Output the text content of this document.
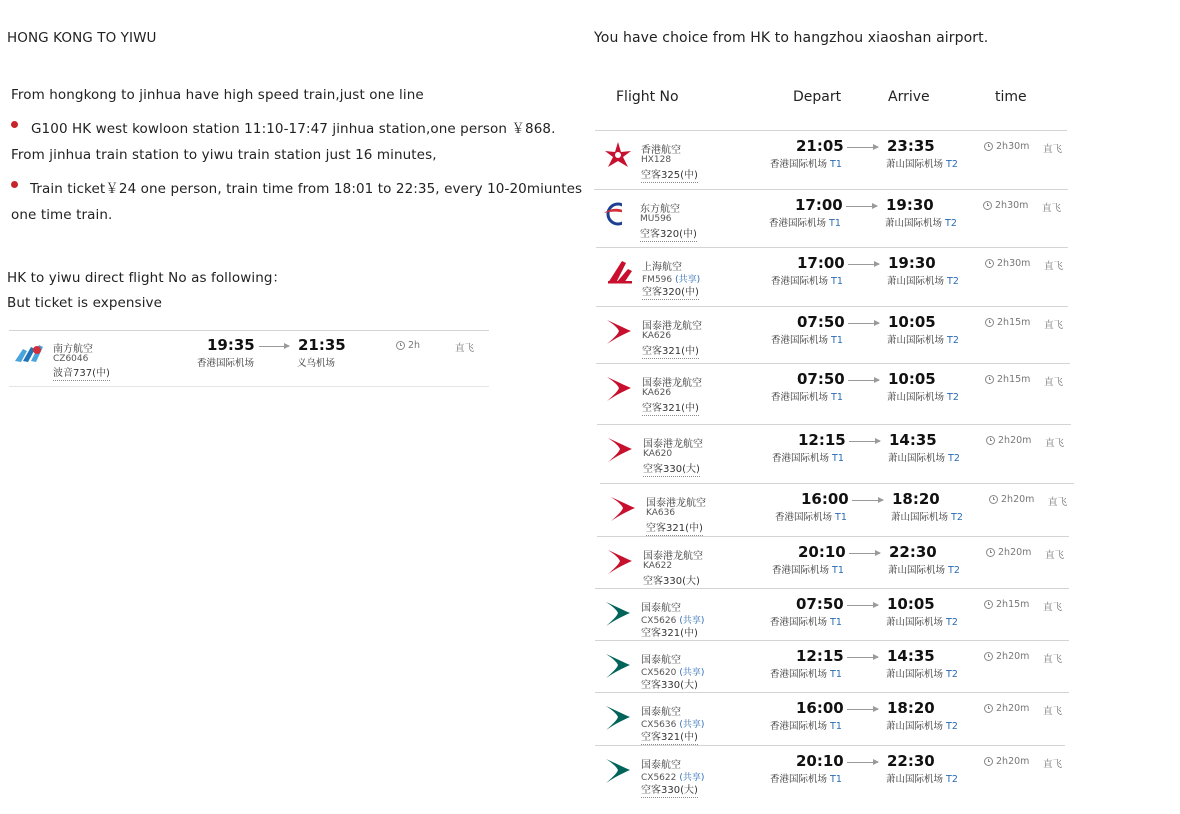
HONG KONG TO YIWU
From hongkong to jinhua have high speed train,just one line
G100 HK west kowloon station 11:10-17:47 jinhua station,one person ￥868.
From jinhua train station to yiwu train station just 16 minutes,
Train ticket￥24 one person, train time from 18:01 to 22:35, every 10-20miuntes
one time train.
HK to yiwu direct flight No as following：
But ticket is expensive
南方航空
CZ6046
波音737(中)
19:35	21:35
香港国际机场	义乌机场
2h	直飞
You have choice from HK to hangzhou xiaoshan airport.
Flight No	Depart	Arrive	time
香港航空
HX128
空客325(中)
21:05	23:35
香港国际机场 T1	萧山国际机场 T2
2h30m 直飞
东方航空
MU596
空客320(中)
17:00	19:30
香港国际机场 T1	萧山国际机场 T2
2h30m 直飞
上海航空
FM596 (共享)
空客320(中)
17:00	19:30
香港国际机场 T1	萧山国际机场 T2
2h30m 直飞
国泰港龙航空
KA626
空客321(中)
07:50	10:05
香港国际机场 T1	萧山国际机场 T2
2h15m 直飞
国泰港龙航空
KA626
空客321(中)
07:50	10:05
香港国际机场 T1	萧山国际机场 T2
2h15m 直飞
国泰港龙航空
KA620
空客330(大)
12:15	14:35
香港国际机场 T1	萧山国际机场 T2
2h20m 直飞
国泰港龙航空
KA636
空客321(中)
16:00	18:20
香港国际机场 T1	萧山国际机场 T2
2h20m 直飞
国泰港龙航空
KA622
空客330(大)
20:10	22:30
香港国际机场 T1	萧山国际机场 T2
2h20m 直飞
国泰航空
CX5626 (共享)
空客321(中)
07:50	10:05
香港国际机场 T1	萧山国际机场 T2
2h15m 直飞
国泰航空
CX5620 (共享)
空客330(大)
12:15	14:35
香港国际机场 T1	萧山国际机场 T2
2h20m 直飞
国泰航空
CX5636 (共享)
空客321(中)
16:00	18:20
香港国际机场 T1	萧山国际机场 T2
2h20m 直飞
国泰航空
CX5622 (共享)
空客330(大)
20:10	22:30
香港国际机场 T1	萧山国际机场 T2
2h20m 直飞
